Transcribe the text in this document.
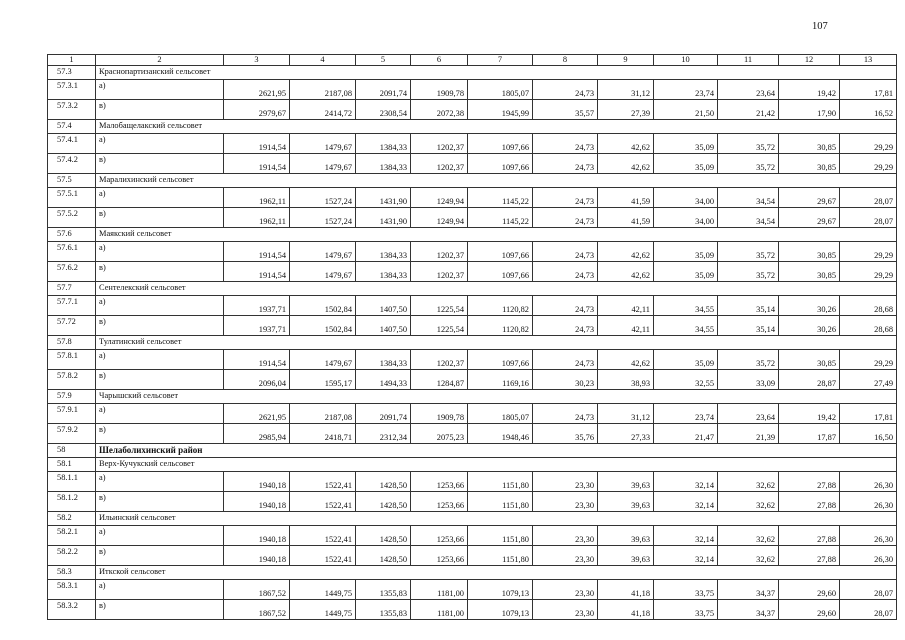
107
1	2	3	4	5	6	7	8	9	10	11	12	13
57.3	Краснопартизанский сельсовет											
57.3.1	а)	2621,95	2187,08	2091,74	1909,78	1805,07	24,73	31,12	23,74	23,64	19,42	17,81
57.3.2	в)	2979,67	2414,72	2308,54	2072,38	1945,99	35,57	27,39	21,50	21,42	17,90	16,52
57.4	Малобащелакский сельсовет											
57.4.1	а)	1914,54	1479,67	1384,33	1202,37	1097,66	24,73	42,62	35,09	35,72	30,85	29,29
57.4.2	в)	1914,54	1479,67	1384,33	1202,37	1097,66	24,73	42,62	35,09	35,72	30,85	29,29
57.5	Маралихинский сельсовет											
57.5.1	а)	1962,11	1527,24	1431,90	1249,94	1145,22	24,73	41,59	34,00	34,54	29,67	28,07
57.5.2	в)	1962,11	1527,24	1431,90	1249,94	1145,22	24,73	41,59	34,00	34,54	29,67	28,07
57.6	Маякский сельсовет											
57.6.1	а)	1914,54	1479,67	1384,33	1202,37	1097,66	24,73	42,62	35,09	35,72	30,85	29,29
57.6.2	в)	1914,54	1479,67	1384,33	1202,37	1097,66	24,73	42,62	35,09	35,72	30,85	29,29
57.7	Сентелекский сельсовет											
57.7.1	а)	1937,71	1502,84	1407,50	1225,54	1120,82	24,73	42,11	34,55	35,14	30,26	28,68
57.72	в)	1937,71	1502,84	1407,50	1225,54	1120,82	24,73	42,11	34,55	35,14	30,26	28,68
57.8	Тулатинский сельсовет											
57.8.1	а)	1914,54	1479,67	1384,33	1202,37	1097,66	24,73	42,62	35,09	35,72	30,85	29,29
57.8.2	в)	2096,04	1595,17	1494,33	1284,87	1169,16	30,23	38,93	32,55	33,09	28,87	27,49
57.9	Чарышский сельсовет											
57.9.1	а)	2621,95	2187,08	2091,74	1909,78	1805,07	24,73	31,12	23,74	23,64	19,42	17,81
57.9.2	в)	2985,94	2418,71	2312,34	2075,23	1948,46	35,76	27,33	21,47	21,39	17,87	16,50
58	Шелаболихинский район											
58.1	Верх-Кучукский сельсовет											
58.1.1	а)	1940,18	1522,41	1428,50	1253,66	1151,80	23,30	39,63	32,14	32,62	27,88	26,30
58.1.2	в)	1940,18	1522,41	1428,50	1253,66	1151,80	23,30	39,63	32,14	32,62	27,88	26,30
58.2	Ильинский сельсовет											
58.2.1	а)	1940,18	1522,41	1428,50	1253,66	1151,80	23,30	39,63	32,14	32,62	27,88	26,30
58.2.2	в)	1940,18	1522,41	1428,50	1253,66	1151,80	23,30	39,63	32,14	32,62	27,88	26,30
58.3	Иткской сельсовет											
58.3.1	а)	1867,52	1449,75	1355,83	1181,00	1079,13	23,30	41,18	33,75	34,37	29,60	28,07
58.3.2	в)	1867,52	1449,75	1355,83	1181,00	1079,13	23,30	41,18	33,75	34,37	29,60	28,07
